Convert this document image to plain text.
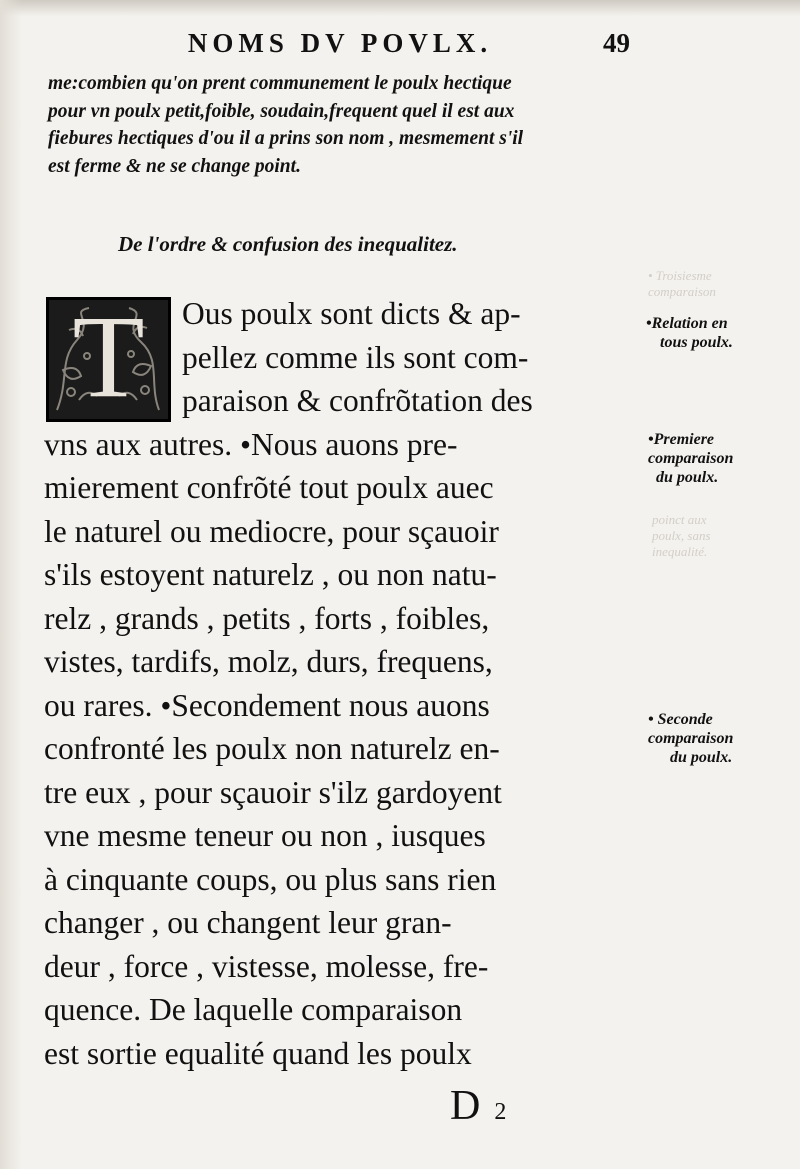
NOMS DV POVLX.	49
me:combien qu'on prent communement le poulx hectique
pour vn poulx petit,foible, soudain,frequent quel il est aux
fiebures hectiques d'ou il a prins son nom , mesmement s'il
est ferme & ne se change point.
De l'ordre & confusion des inequalitez.
T	Ous poulx sont dicts & ap-
pellez comme ils sont com-
paraison & confrõtation des
vns aux autres. •Nous auons pre-
mierement confrõté tout poulx auec
le naturel ou mediocre, pour sçauoir
s'ils estoyent naturelz , ou non natu-
relz , grands , petits , forts , foibles,
vistes, tardifs, molz, durs, frequens,
ou rares. •Secondement nous auons
confronté les poulx non naturelz en-
tre eux , pour sçauoir s'ilz gardoyent
vne mesme teneur ou non , iusques
à cinquante coups, ou plus sans rien
changer , ou changent leur gran-
deur , force , vistesse, molesse, fre-
quence. De laquelle comparaison
est sortie equalité quand les poulx
• Troisiesme
comparaison
poinct aux
poulx, sans
inequalité.
•Relation en
tous poulx.
•Premiere
comparaison
du poulx.
• Seconde
comparaison
du poulx.
D 2
